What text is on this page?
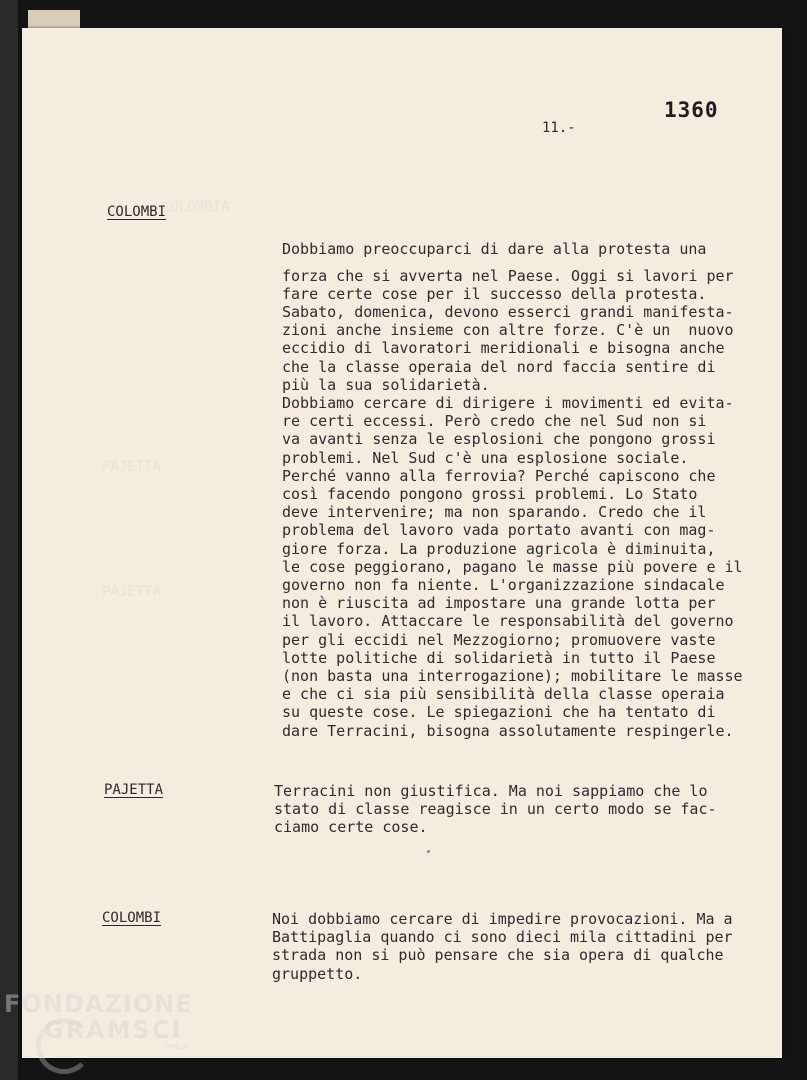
COLOMBIA
PAJETTA
PAJETTA
1360
11.-
COLOMBI

Dobbiamo preoccuparci di dare alla protesta una
forza che si avverta nel Paese. Oggi si lavori per
fare certe cose per il successo della protesta.
Sabato, domenica, devono esserci grandi manifesta-
zioni anche insieme con altre forze. C'è un  nuovo
eccidio di lavoratori meridionali e bisogna anche
che la classe operaia del nord faccia sentire di
più la sua solidarietà.
Dobbiamo cercare di dirigere i movimenti ed evita-
re certi eccessi. Però credo che nel Sud non si
va avanti senza le esplosioni che pongono grossi
problemi. Nel Sud c'è una esplosione sociale.
Perché vanno alla ferrovia? Perché capiscono che
così facendo pongono grossi problemi. Lo Stato
deve intervenire; ma non sparando. Credo che il
problema del lavoro vada portato avanti con mag-
giore forza. La produzione agricola è diminuita,
le cose peggiorano, pagano le masse più povere e il
governo non fa niente. L'organizzazione sindacale
non è riuscita ad impostare una grande lotta per
il lavoro. Attaccare le responsabilità del governo
per gli eccidi nel Mezzogiorno; promuovere vaste
lotte politiche di solidarietà in tutto il Paese
(non basta una interrogazione); mobilitare le masse
e che ci sia più sensibilità della classe operaia
su queste cose. Le spiegazioni che ha tentato di
dare Terracini, bisogna assolutamente respingerle.

PAJETTA	Terracini non giustifica. Ma noi sappiamo che lo
stato di classe reagisce in un certo modo se fac-
ciamo certe cose.
COLOMBI	Noi dobbiamo cercare di impedire provocazioni. Ma a
Battipaglia quando ci sono dieci mila cittadini per
strada non si può pensare che sia opera di qualche
gruppetto.
FONDAZIONE
GRAMSCI
onlus
